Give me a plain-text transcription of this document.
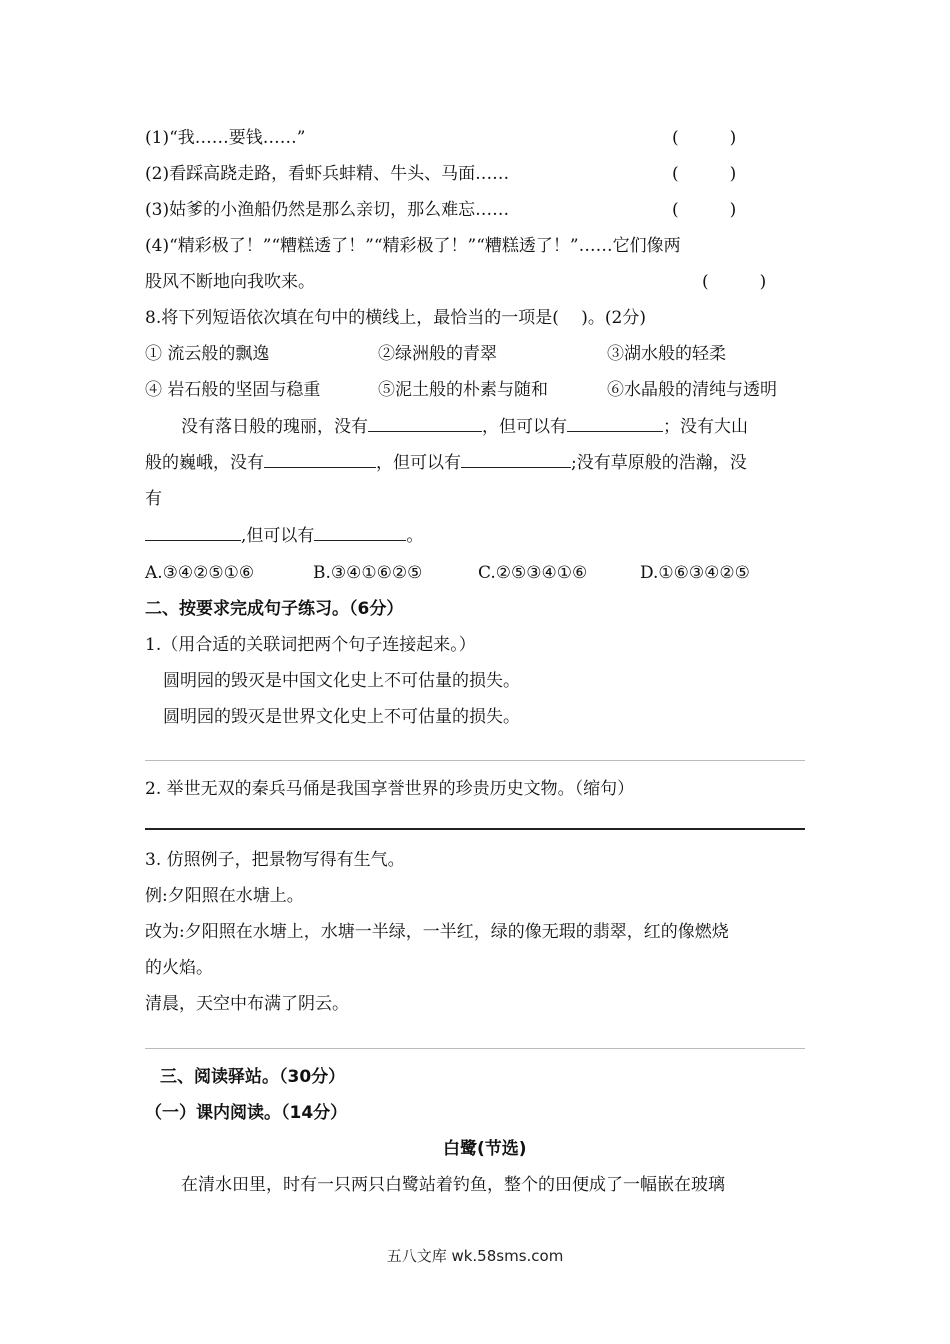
(1)“我……要钱……”	(　　　)
(2)看踩高跷走路，看虾兵蚌精、牛头、马面……	(　　　)
(3)姑爹的小渔船仍然是那么亲切，那么难忘……	(　　　)
(4)“精彩极了！”“糟糕透了！”“精彩极了！”“糟糕透了！”……它们像两
股风不断地向我吹来。	(　　　)
8.将下列短语依次填在句中的横线上，最恰当的一项是(　 )。(2分)
① 流云般的飘逸	②绿洲般的青翠	③湖水般的轻柔
④ 岩石般的坚固与稳重	⑤泥土般的朴素与随和	⑥水晶般的清纯与透明
没有落日般的瑰丽，没有	，但可以有	；没有大山
般的巍峨，没有	，但可以有	;没有草原般的浩瀚，没
有
,但可以有	。
A.③④②⑤①⑥	B.③④①⑥②⑤	C.②⑤③④①⑥	D.①⑥③④②⑤
二、按要求完成句子练习。（6分）
1.（用合适的关联词把两个句子连接起来。）
圆明园的毁灭是中国文化史上不可估量的损失。
圆明园的毁灭是世界文化史上不可估量的损失。
2. 举世无双的秦兵马俑是我国享誉世界的珍贵历史文物。（缩句）
3. 仿照例子，把景物写得有生气。
例:夕阳照在水塘上。
改为:夕阳照在水塘上，水塘一半绿，一半红，绿的像无瑕的翡翠，红的像燃烧
的火焰。
清晨，天空中布满了阴云。
三、阅读驿站。（30分）
（一）课内阅读。（14分）
白鹭(节选)
在清水田里，时有一只两只白鹭站着钓鱼，整个的田便成了一幅嵌在玻璃
五八文库 wk.58sms.com
